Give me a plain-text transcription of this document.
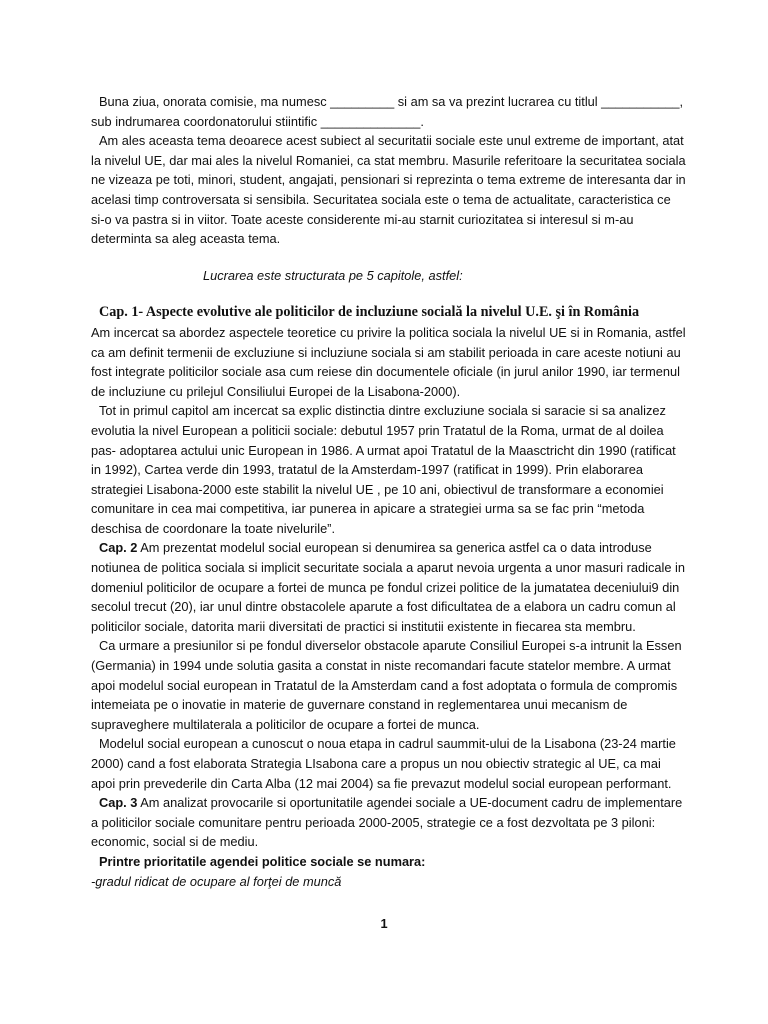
Buna ziua, onorata comisie, ma numesc _________ si am sa va prezint lucrarea cu titlul ___________, sub indrumarea coordonatorului stiintific ______________.

Am ales aceasta tema deoarece acest subiect al securitatii sociale este unul extreme de important, atat la nivelul UE, dar mai ales la nivelul Romaniei, ca stat membru. Masurile referitoare la securitatea sociala ne vizeaza pe toti, minori, student, angajati, pensionari si reprezinta o tema extreme de interesanta dar in acelasi timp controversata si sensibila. Securitatea sociala este o tema de actualitate, caracteristica ce si-o va pastra si in viitor. Toate aceste considerente mi-au starnit curiozitatea si interesul si m-au determinta sa aleg aceasta tema.

Lucrarea este structurata pe 5 capitole, astfel:

Cap. 1- Aspecte evolutive ale politicilor de incluziune socială la nivelul U.E. şi în România

Am incercat sa abordez aspectele teoretice cu privire la politica sociala la nivelul UE si in Romania, astfel ca am definit termenii de excluziune si incluziune sociala si am stabilit perioada in care aceste notiuni au fost integrate politicilor sociale asa cum reiese din documentele oficiale (in jurul anilor 1990, iar termenul de incluziune cu prilejul Consiliului Europei de la Lisabona-2000).

Tot in primul capitol am incercat sa explic distinctia dintre excluziune sociala si saracie si sa analizez evolutia la nivel European a politicii sociale: debutul 1957 prin Tratatul de la Roma, urmat de al doilea pas- adoptarea actului unic European in 1986. A urmat apoi Tratatul de la Maasctricht din 1990 (ratificat in 1992), Cartea verde din 1993, tratatul de la Amsterdam-1997 (ratificat in 1999). Prin elaborarea strategiei Lisabona-2000 este stabilit la nivelul UE , pe 10 ani, obiectivul de transformare a economiei comunitare in cea mai competitiva, iar punerea in apicare a strategiei urma sa se fac prin “metoda deschisa de coordonare la toate nivelurile”.

Cap. 2 Am prezentat modelul social european si denumirea sa generica astfel ca o data introduse notiunea de politica sociala si implicit securitate sociala a aparut nevoia urgenta a unor masuri radicale in domeniul politicilor de ocupare a fortei de munca pe fondul crizei politice de la jumatatea deceniului9 din secolul trecut (20), iar unul dintre obstacolele aparute a fost dificultatea de a elabora un cadru comun al politicilor sociale, datorita marii diversitati de practici si institutii existente in fiecarea sta membru.

Ca urmare a presiunilor si pe fondul diverselor obstacole aparute Consiliul Europei s-a intrunit la Essen (Germania) in 1994 unde solutia gasita a constat in niste recomandari facute statelor membre. A urmat apoi modelul social european in Tratatul de la Amsterdam cand a fost adoptata o formula de compromis intemeiata pe o inovatie in materie de guvernare constand in reglementarea unui mecanism de supraveghere multilaterala a politicilor de ocupare a fortei de munca.

Modelul social european a cunoscut o noua etapa in cadrul saummit-ului de la Lisabona (23-24 martie 2000) cand a fost elaborata Strategia LIsabona care a propus un nou obiectiv strategic al UE, ca mai apoi prin prevederile din Carta Alba (12 mai 2004) sa fie prevazut modelul social european performant.

Cap. 3 Am analizat provocarile si oportunitatile agendei sociale a UE-document cadru de implementare a politicilor sociale comunitare pentru perioada 2000-2005, strategie ce a fost dezvoltata pe 3 piloni: economic, social si de mediu.

Printre prioritatile agendei politice sociale se numara:

-gradul ridicat de ocupare al forţei de muncă

1
